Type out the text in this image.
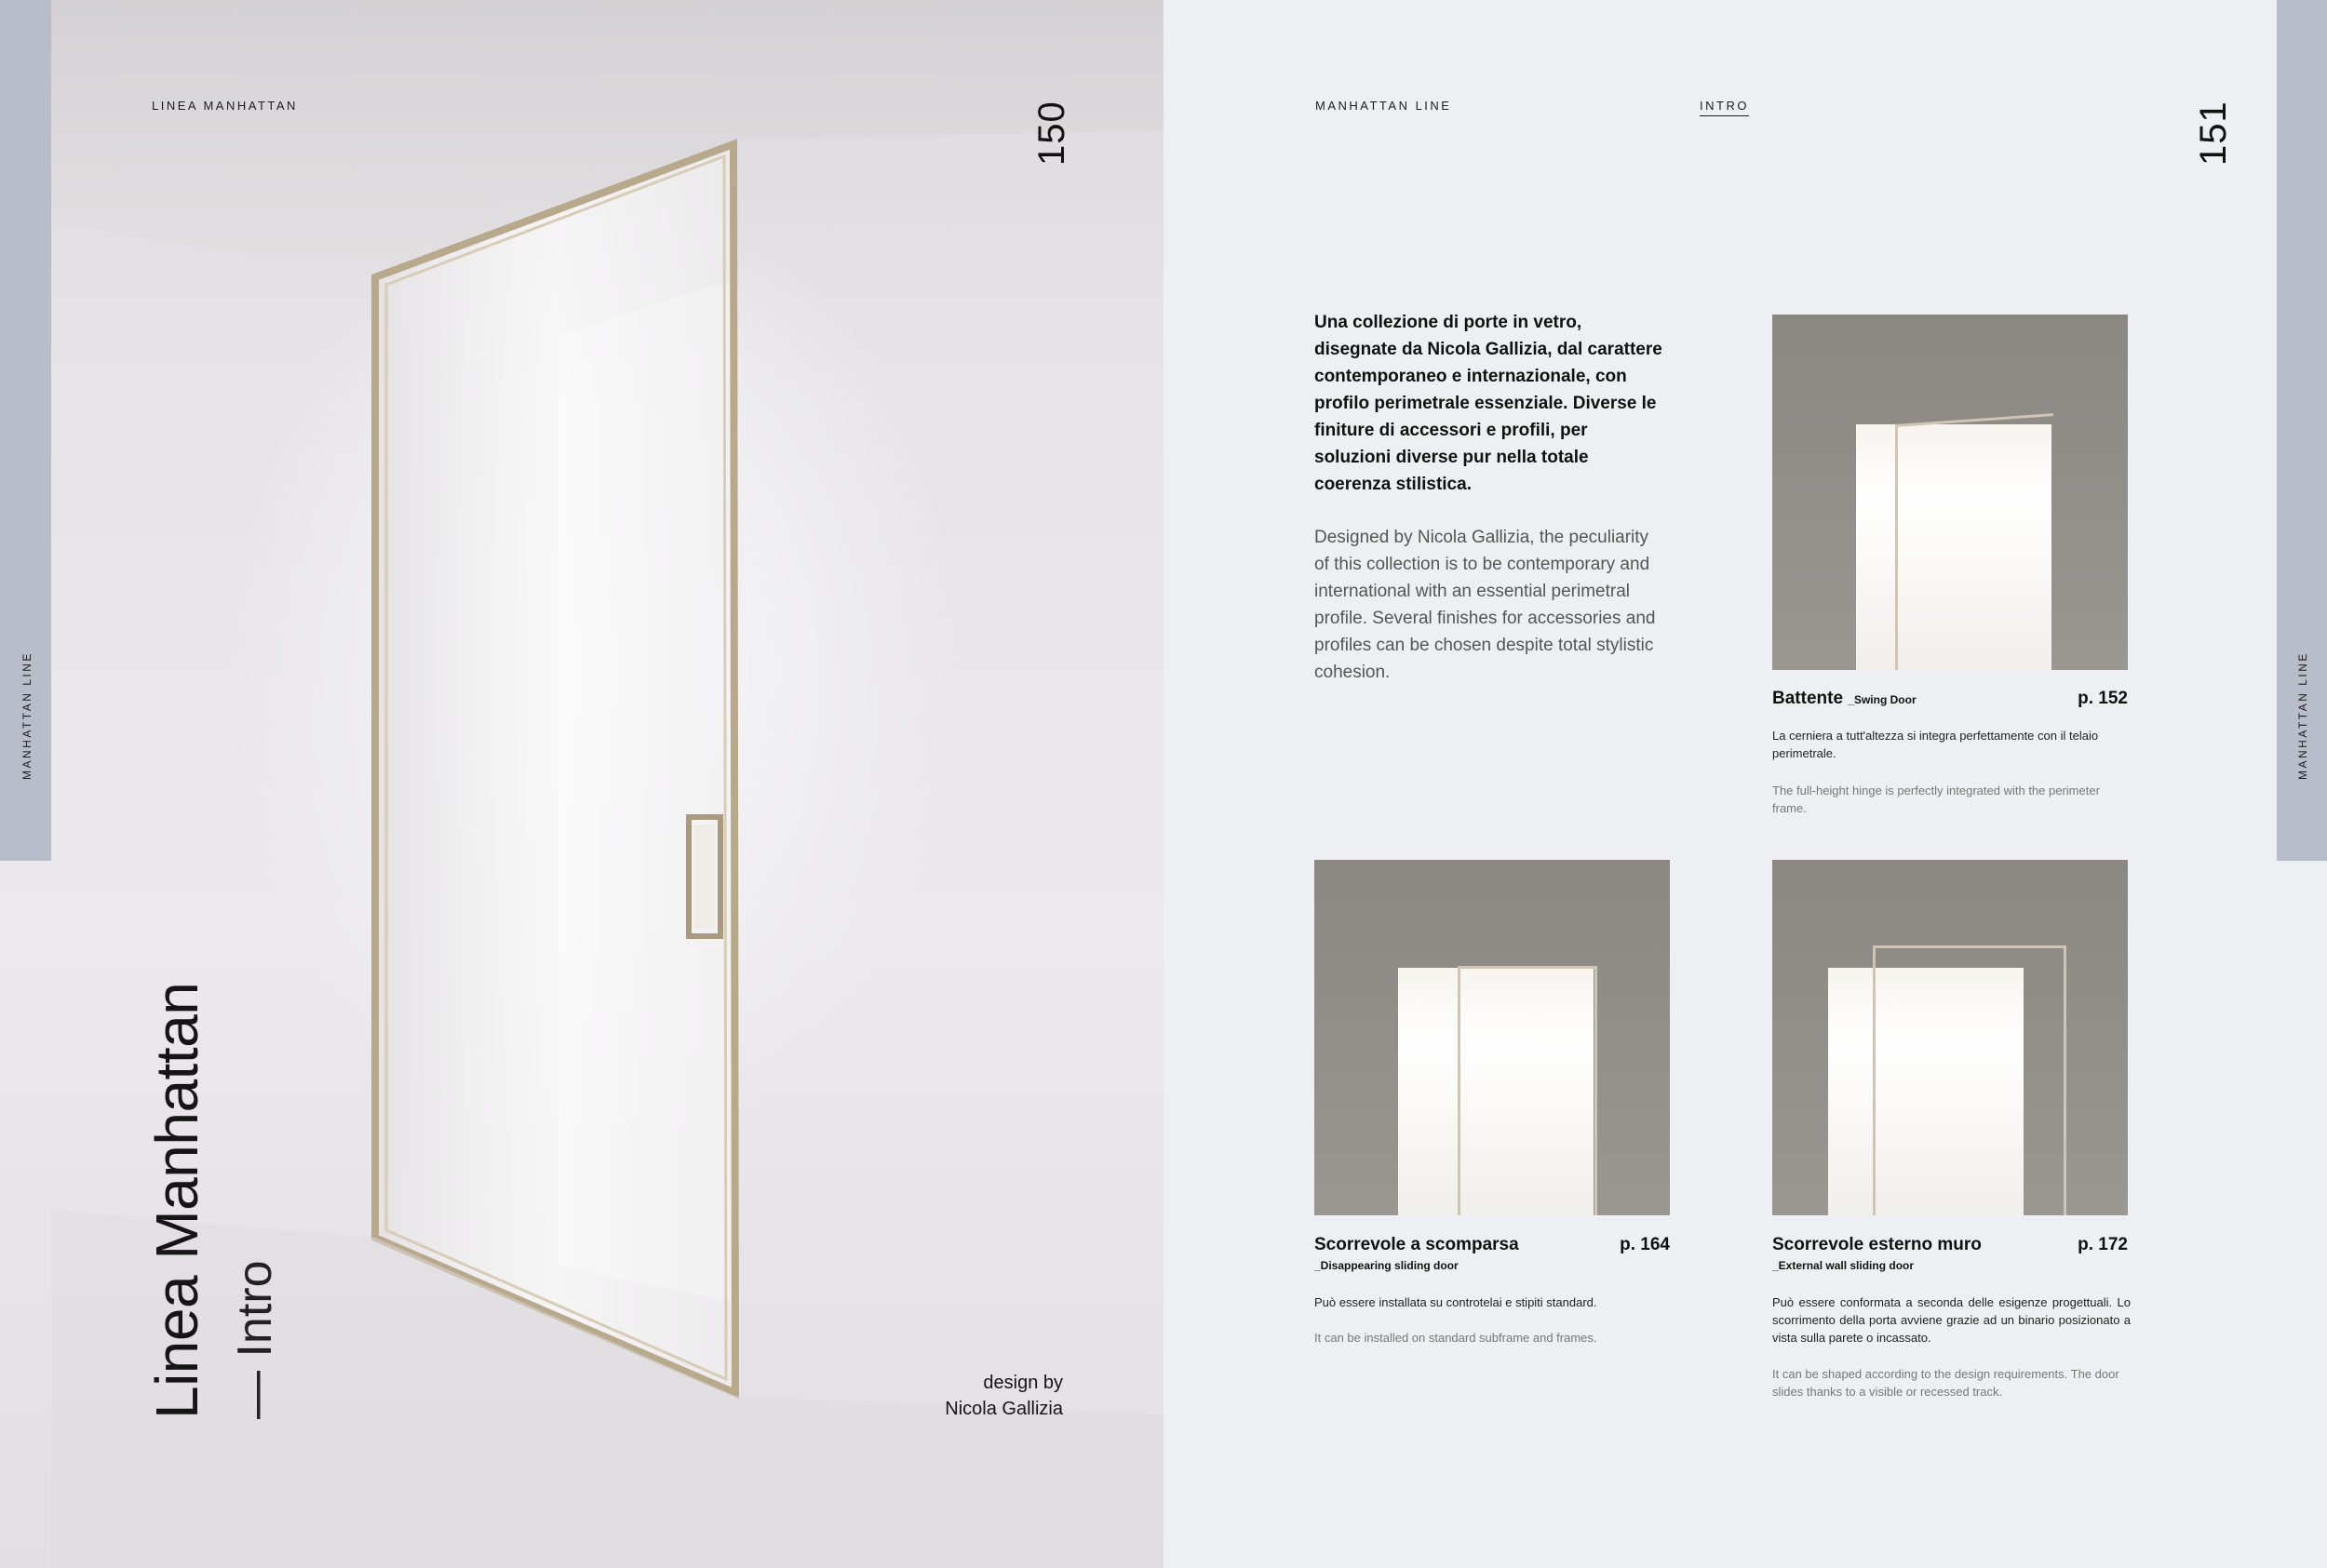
MANHATTAN LINE
LINEA MANHATTAN	150
Linea Manhattan — Intro	design by
Nicola Gallizia
MANHATTAN LINE	INTRO	151
MANHATTAN LINE
Una collezione di porte in vetro, disegnate da Nicola Gallizia, dal carattere contemporaneo e internazionale, con profilo perimetrale essenziale. Diverse le finiture di accessori e profili, per soluzioni diverse pur nella totale coerenza stilistica.
Designed by Nicola Gallizia, the peculiarity of this collection is to be contemporary and international with an essential perimetral profile. Several finishes for accessories and profiles can be chosen despite total stylistic cohesion.
Battente _Swing Door	p. 152
La cerniera a tutt'altezza si integra perfettamente con il telaio perimetrale.
The full-height hinge is perfectly integrated with the perimeter frame.
Scorrevole a scomparsa	p. 164
_Disappearing sliding door
Può essere installata su controtelai e stipiti standard.
It can be installed on standard subframe and frames.
Scorrevole esterno muro	p. 172
_External wall sliding door
Può essere conformata a seconda delle esigenze progettuali. Lo scorrimento della porta avviene grazie ad un binario posizionato a vista sulla parete o incassato.
It can be shaped according to the design requirements. The door slides thanks to a visible or recessed track.
